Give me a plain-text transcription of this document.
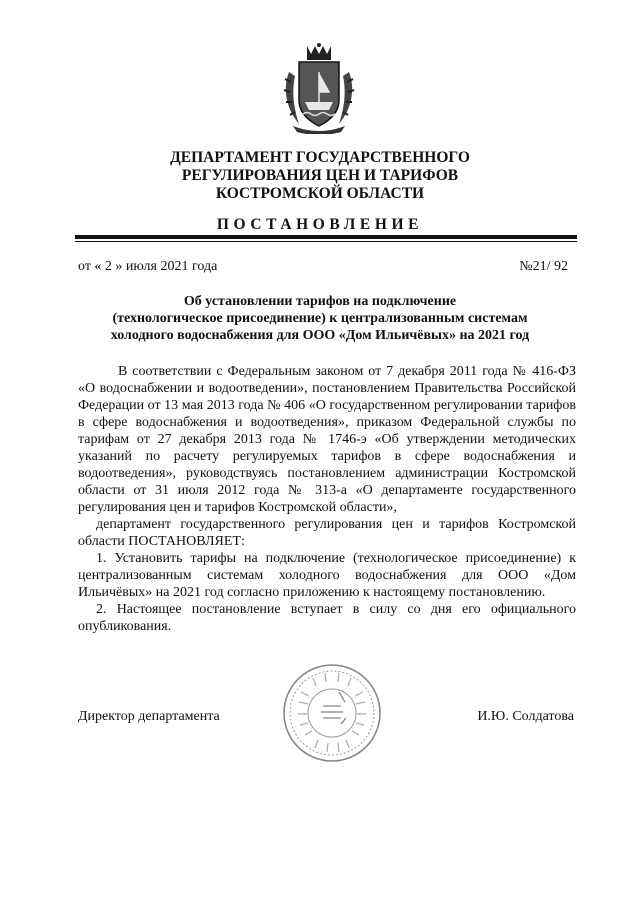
ДЕПАРТАМЕНТ ГОСУДАРСТВЕННОГО
РЕГУЛИРОВАНИЯ ЦЕН И ТАРИФОВ
КОСТРОМСКОЙ ОБЛАСТИ
ПОСТАНОВЛЕНИЕ
от « 2 » июля 2021 года	№21/ 92
Об установлении тарифов на подключение
(технологическое присоединение) к централизованным системам
холодного водоснабжения для ООО «Дом Ильичёвых» на 2021 год

В соответствии с Федеральным законом от 7 декабря 2011 года № 416-ФЗ «О водоснабжении и водоотведении», постановлением Правительства Российской Федерации от 13 мая 2013 года № 406 «О государственном регулировании тарифов в сфере водоснабжения и водоотведения», приказом Федеральной службы по тарифам от 27 декабря 2013 года № 1746-э «Об утверждении методических указаний по расчету регулируемых тарифов в сфере водоснабжения и водоотведения», руководствуясь постановлением администрации Костромской области от 31 июля 2012 года № 313-а «О департаменте государственного регулирования цен и тарифов Костромской области»,

департамент государственного регулирования цен и тарифов Костромской области ПОСТАНОВЛЯЕТ:

1. Установить тарифы на подключение (технологическое присоединение) к централизованным системам холодного водоснабжения для ООО «Дом Ильичёвых» на 2021 год согласно приложению к настоящему постановлению.

2. Настоящее постановление вступает в силу со дня его официального опубликования.

Директор департамента	И.Ю. Солдатова
